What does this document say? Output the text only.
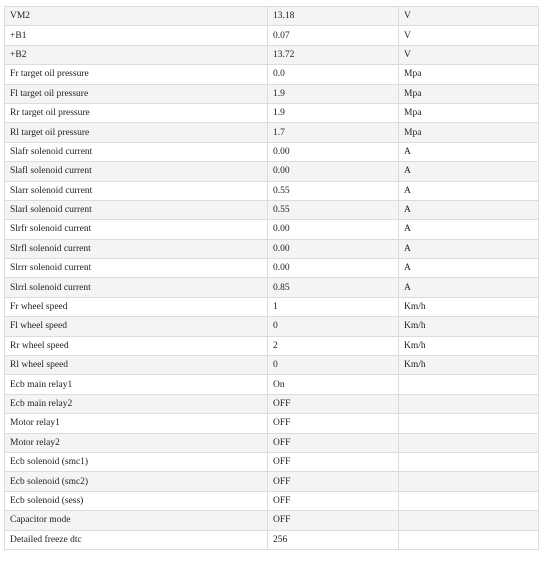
VM2	13.18	V
+B1	0.07	V
+B2	13.72	V
Fr target oil pressure	0.0	Mpa
Fl target oil pressure	1.9	Mpa
Rr target oil pressure	1.9	Mpa
Rl target oil pressure	1.7	Mpa
Slafr solenoid current	0.00	A
Slafl solenoid current	0.00	A
Slarr solenoid current	0.55	A
Slarl solenoid current	0.55	A
Slrfr solenoid current	0.00	A
Slrfl solenoid current	0.00	A
Slrrr solenoid current	0.00	A
Slrrl solenoid current	0.85	A
Fr wheel speed	1	Km/h
Fl wheel speed	0	Km/h
Rr wheel speed	2	Km/h
Rl wheel speed	0	Km/h
Ecb main relay1	On	
Ecb main relay2	OFF	
Motor relay1	OFF	
Motor relay2	OFF	
Ecb solenoid (smc1)	OFF	
Ecb solenoid (smc2)	OFF	
Ecb solenoid (sess)	OFF	
Capacitor mode	OFF	
Detailed freeze dtc	256	
